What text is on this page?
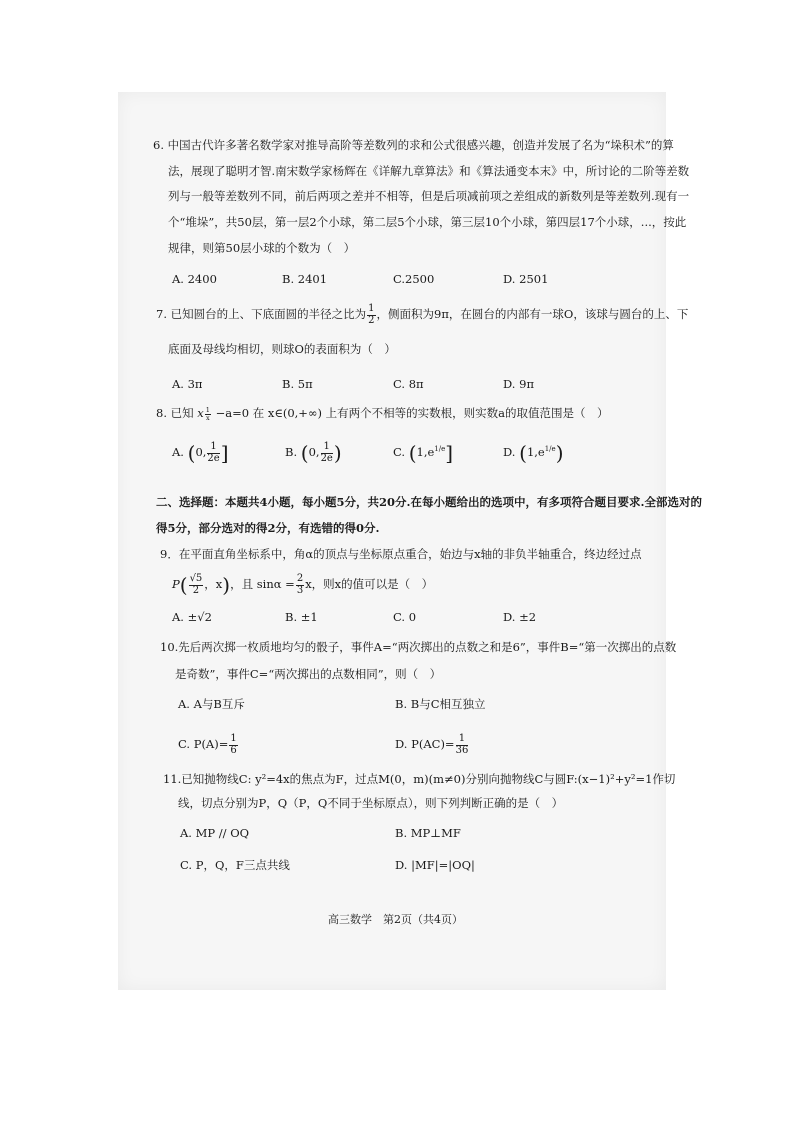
6. 中国古代许多著名数学家对推导高阶等差数列的求和公式很感兴趣，创造并发展了名为“垛积术”的算
法，展现了聪明才智.南宋数学家杨辉在《详解九章算法》和《算法通变本末》中，所讨论的二阶等差数
列与一般等差数列不同，前后两项之差并不相等，但是后项减前项之差组成的新数列是等差数列.现有一
个“堆垛”，共50层，第一层2个小球，第二层5个小球，第三层10个小球，第四层17个小球，...，按此
规律，则第50层小球的个数为（　）
A. 2400	B. 2401	C.2500	D. 2501
7. 已知圆台的上、下底面圆的半径之比为 $\frac{1}{2}$ ，侧面积为9π，在圆台的内部有一球O，该球与圆台的上、下
底面及母线均相切，则球O的表面积为（　）
A. 3π	B. 5π	C. 8π	D. 9π
8. 已知 x $\frac{1}{x} -a=0$ 在 x∈(0,+∞) 上有两个不相等的实数根，则实数a的取值范围是（　）
A. (0, $\frac{1}{2e}$ ]	B. (0, $\frac{1}{2e}$ )	C. $(1,e^{1/e}]$	D. $(1,e^{1/e})$
二、选择题：本题共4小题，每小题5分，共20分.在每小题给出的选项中，有多项符合题目要求.全部选对的
得5分，部分选对的得2分，有选错的得0分.
9．在平面直角坐标系中，角α的顶点与坐标原点重合，始边与x轴的非负半轴重合，终边经过点
$P( \frac{√5}{2}$ ，x)，且 $\sin\alpha = \frac{2}{3}$ x，则x的值可以是（　）
A. ±√2	B. ±1	C. 0	D. ±2
10.先后两次掷一枚质地均匀的骰子，事件A=“两次掷出的点数之和是6”，事件B=“第一次掷出的点数
是奇数”，事件C=“两次掷出的点数相同”，则（　）
A. A与B互斥	B. B与C相互独立
C. $P(A)= \frac{1}{6}$	D. $P(AC)= \frac{1}{36}$
11.已知抛物线C: y²=4x的焦点为F，过点M(0，m)(m≠0)分别向抛物线C与圆F:(x−1)²+y²=1作切
线，切点分别为P，Q（P，Q不同于坐标原点），则下列判断正确的是（　）
A. MP // OQ	B. MP⊥MF
C. P，Q，F三点共线	D. |MF|=|OQ|
高三数学　第2页（共4页）
